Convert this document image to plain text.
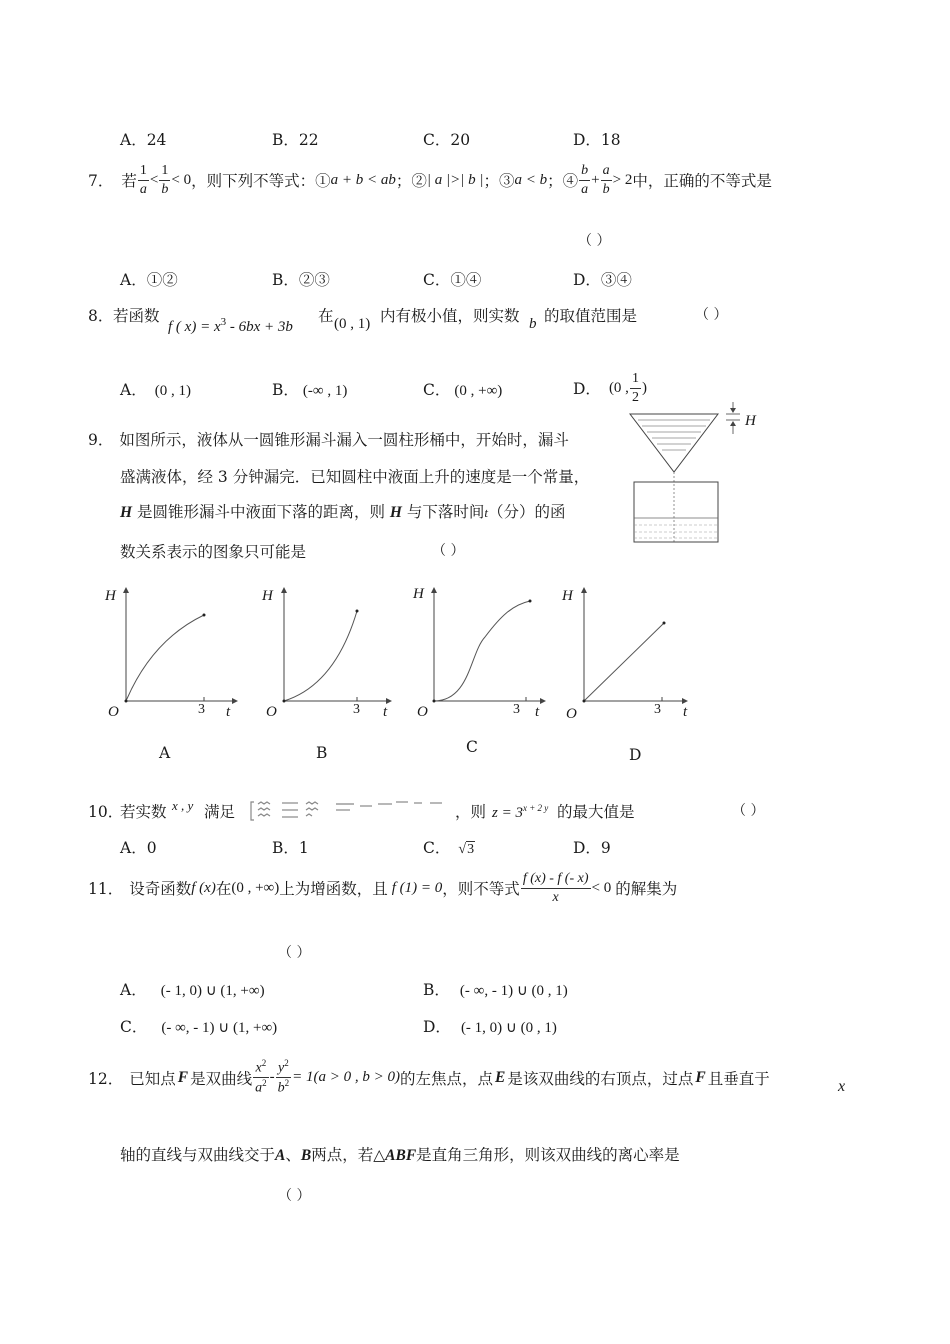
A．24	B．22	C．20	D．18
7． 若 $\frac{1}{a} < \frac{1}{b} < 0$ ，则下列不等式：① a + b < ab ；② | a |>| b | ；③ a < b ；④ $\frac{b}{a} + \frac{a}{b} > 2$ 中，正确的不等式是
（ ）
A．①②	B．②③	C．①④	D．③④
8． 若函数
f ( $x) = x^3 - 6bx + 3b$
在 (0 , 1) 内有极小值，则实数 b 的取值范围是	（ ）
A． (0 , 1)	B． (-∞ , 1)	C． (0 , +∞)	D． (0 , $\frac{1}{2}$ )
9． 如图所示，液体从一圆锥形漏斗漏入一圆柱形桶中，开始时，漏斗
盛满液体，经 3 分钟漏完．已知圆柱中液面上升的速度是一个常量，
H 是圆锥形漏斗中液面下落的距离，则 H 与下落时间t（分）的函
数关系表示的图象只可能是	（ ）
H
H
O	3 t
A
H
O	3 t
B
H
O	3 t
C
H
O	3 t
D
10．
若实数 x , y 满足	，则 $z = 3^{x + 2 y}$ 的最大值是	（ ）
A．0	B．1	C． √3	D．9
11． 设奇函数 f (x) 在 (0 , +∞) 上为增函数，且 f (1) = 0 ，则不等式 $\frac{f (x) - f (- x)}{x} < 0$ 的解集为
（ ）
A． (- 1, 0) ∪ (1, +∞)	B． (- ∞, - 1) ∪ (0 , 1)
C． (- ∞, - 1) ∪ (1, +∞)	D． (- 1, 0) ∪ (0 , 1)
12． 已知点 F 是双曲线 $\frac{x^2}{a^2} - \frac{y^2}{b^2} = 1(a > 0$ , b > 0) 的左焦点，点 E 是该双曲线的右顶点，过点 F 且垂直于	x
轴的直线与双曲线交于A、B两点，若△ABF是直角三角形，则该双曲线的离心率是
（ ）
